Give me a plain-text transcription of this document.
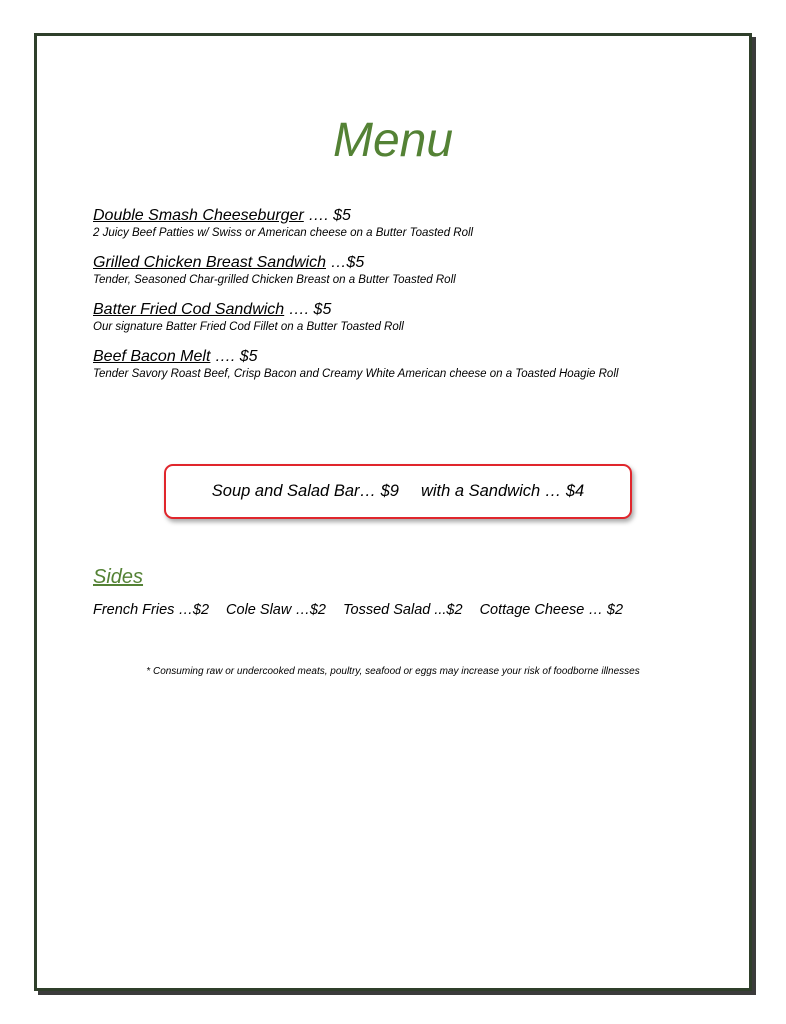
Menu
Double Smash Cheeseburger …. $5
2 Juicy Beef Patties w/ Swiss or American cheese on a Butter Toasted Roll
Grilled Chicken Breast Sandwich …$5
Tender, Seasoned Char-grilled Chicken Breast on a Butter Toasted Roll
Batter Fried Cod Sandwich …. $5
Our signature Batter Fried Cod Fillet on a Butter Toasted Roll
Beef Bacon Melt …. $5
Tender Savory Roast Beef, Crisp Bacon and Creamy White American cheese on a Toasted Hoagie Roll
Soup and Salad Bar… $9 with a Sandwich … $4
Sides
French Fries …$2 Cole Slaw …$2 Tossed Salad ...$2 Cottage Cheese … $2
* Consuming raw or undercooked meats, poultry, seafood or eggs may increase your risk of foodborne illnesses
